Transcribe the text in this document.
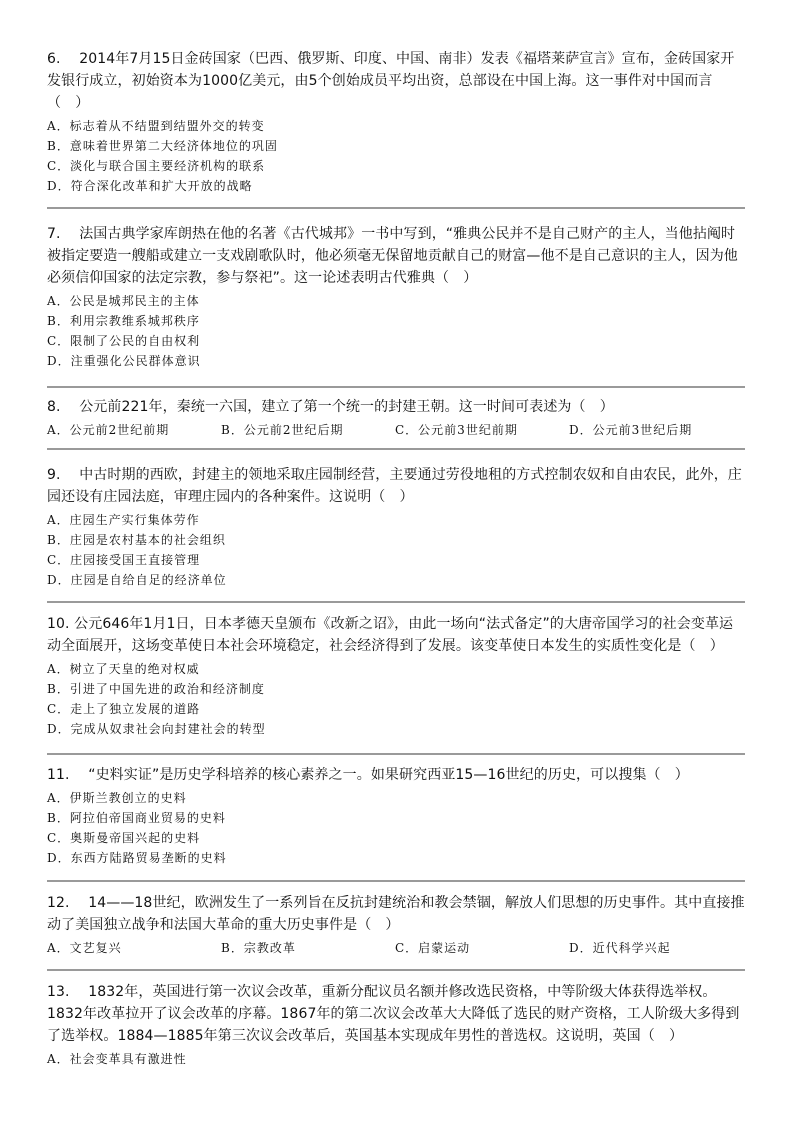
6.　 2014年7月15日金砖国家（巴西、俄罗斯、印度、中国、南非）发表《福塔莱萨宣言》宣布，金砖国家开发银行成立，初始资本为1000亿美元，由5个创始成员平均出资，总部设在中国上海。这一事件对中国而言（　）

A．标志着从不结盟到结盟外交的转变
B．意味着世界第二大经济体地位的巩固
C．淡化与联合国主要经济机构的联系
D．符合深化改革和扩大开放的战略

7.　 法国古典学家库朗热在他的名著《古代城邦》一书中写到，“雅典公民并不是自己财产的主人，当他拈阄时被指定要造一艘船或建立一支戏剧歌队时，他必须毫无保留地贡献自己的财富—他不是自己意识的主人，因为他必须信仰国家的法定宗教，参与祭祀”。这一论述表明古代雅典（　）

A．公民是城邦民主的主体
B．利用宗教维系城邦秩序
C．限制了公民的自由权利
D．注重强化公民群体意识

8.　 公元前221年，秦统一六国，建立了第一个统一的封建王朝。这一时间可表述为（　）

A．公元前2世纪前期	B．公元前2世纪后期	C．公元前3世纪前期	D．公元前3世纪后期

9.　 中古时期的西欧，封建主的领地采取庄园制经营，主要通过劳役地租的方式控制农奴和自由农民，此外，庄园还设有庄园法庭，审理庄园内的各种案件。这说明（　）

A．庄园生产实行集体劳作
B．庄园是农村基本的社会组织
C．庄园接受国王直接管理
D．庄园是自给自足的经济单位

10. 公元646年1月1日，日本孝德天皇颁布《改新之诏》，由此一场向“法式备定”的大唐帝国学习的社会变革运动全面展开，这场变革使日本社会环境稳定，社会经济得到了发展。该变革使日本发生的实质性变化是（　）

A．树立了天皇的绝对权威
B．引进了中国先进的政治和经济制度
C．走上了独立发展的道路
D．完成从奴隶社会向封建社会的转型

11.　 “史料实证”是历史学科培养的核心素养之一。如果研究西亚15—16世纪的历史，可以搜集（　）

A．伊斯兰教创立的史料
B．阿拉伯帝国商业贸易的史料
C．奥斯曼帝国兴起的史料
D．东西方陆路贸易垄断的史料

12.　 14——18世纪，欧洲发生了一系列旨在反抗封建统治和教会禁锢，解放人们思想的历史事件。其中直接推动了美国独立战争和法国大革命的重大历史事件是（　）

A．文艺复兴	B．宗教改革	C．启蒙运动	D．近代科学兴起

13.　 1832年，英国进行第一次议会改革，重新分配议员名额并修改选民资格，中等阶级大体获得选举权。1832年改革拉开了议会改革的序幕。1867年的第二次议会改革大大降低了选民的财产资格，工人阶级大多得到了选举权。1884—1885年第三次议会改革后，英国基本实现成年男性的普选权。这说明，英国（　）

A．社会变革具有激进性
